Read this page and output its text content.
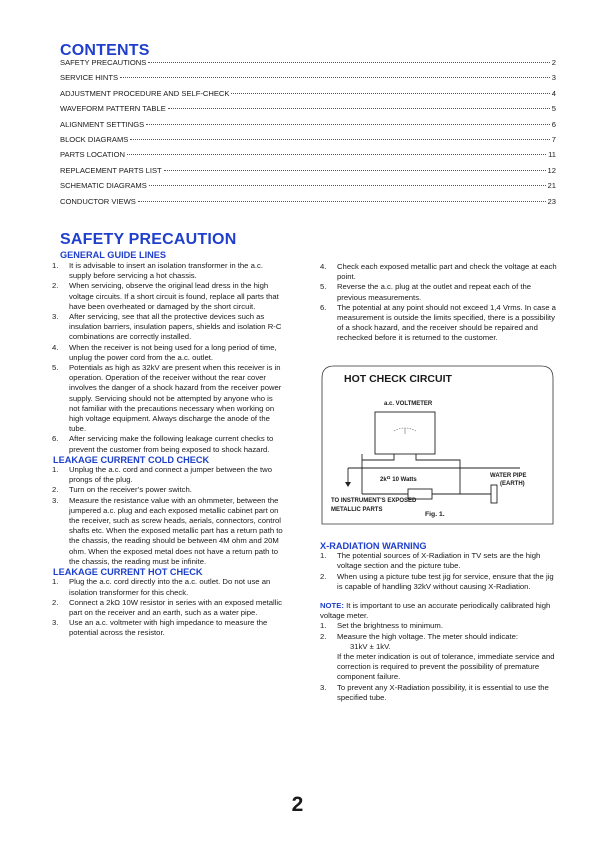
CONTENTS
SAFETY PRECAUTIONS	2
SERVICE HINTS	3
ADJUSTMENT PROCEDURE AND SELF-CHECK	4
WAVEFORM PATTERN TABLE	5
ALIGNMENT SETTINGS	6
BLOCK DIAGRAMS	7
PARTS LOCATION	11
REPLACEMENT PARTS LIST	12
SCHEMATIC DIAGRAMS	21
CONDUCTOR VIEWS	23
SAFETY PRECAUTION
GENERAL GUIDE LINES
1.	It is advisable to insert an isolation transformer in the a.c. supply before servicing a hot chassis.
2.	When servicing, observe the original lead dress in the high voltage circuits. If a short circuit is found, replace all parts that have been overheated or damaged by the short circuit.
3.	After servicing, see that all the protective devices such as insulation barriers, insulation papers, shields and isolation R-C combinations are correctly installed.
4.	When the receiver is not being used for a long period of time, unplug the power cord from the a.c. outlet.
5.	Potentials as high as 32kV are present when this receiver is in operation. Operation of the receiver without the rear cover involves the danger of a shock hazard from the receiver power supply. Servicing should not be attempted by anyone who is not familiar with the precautions necessary when working on high voltage equipment. Always discharge the anode of the tube.
6.	After servicing make the following leakage current checks to prevent the customer from being exposed to shock hazard.
LEAKAGE CURRENT COLD CHECK
1.	Unplug the a.c. cord and connect a jumper between the two prongs of the plug.
2.	Turn on the receiver’s power switch.
3.	Measure the resistance value with an ohmmeter, between the jumpered a.c. plug and each exposed metallic cabinet part on the receiver, such as screw heads, aerials, connectors, control shafts etc. When the exposed metallic part has a return path to the chassis, the reading should be between 4M ohm and 20M ohm. When the exposed metal does not have a return path to the chassis, the reading must be infinite.
LEAKAGE CURRENT HOT CHECK
1.	Plug the a.c. cord directly into the a.c. outlet. Do not use an isolation transformer for this check.
2.	Connect a 2kΩ 10W resistor in series with an exposed metallic part on the receiver and an earth, such as a water pipe.
3.	Use an a.c. voltmeter with high impedance to measure the potential across the resistor.
4.	Check each exposed metallic part and check the voltage at each point.
5.	Reverse the a.c. plug at the outlet and repeat each of the previous measurements.
6.	The potential at any point should not exceed 1,4 Vrms. In case a measurement is outside the limits specified, there is a possibility of a shock hazard, and the receiver should be repaired and rechecked before it is returned to the customer.
HOT CHECK CIRCUIT
a.c. VOLTMETER
$2k^\Omega$ 10 Watts
WATER PIPE
(EARTH)
TO INSTRUMENT'S EXPOSED
METALLIC PARTS
Fig. 1.
X-RADIATION WARNING
1.	The potential sources of X-Radiation in TV sets are the high voltage section and the picture tube.
2.	When using a picture tube test jig for service, ensure that the jig is capable of handling 32kV without causing X-Radiation.
NOTE: It is important to use an accurate periodically calibrated high voltage meter.
1.	Set the brightness to minimum.
2.	Measure the high voltage. The meter should indicate:
31kV ± 1kV.
If the meter indication is out of tolerance, immediate service and correction is required to prevent the possibility of premature component failure.
3.	To prevent any X-Radiation possibility, it is essential to use the specified tube.
2
